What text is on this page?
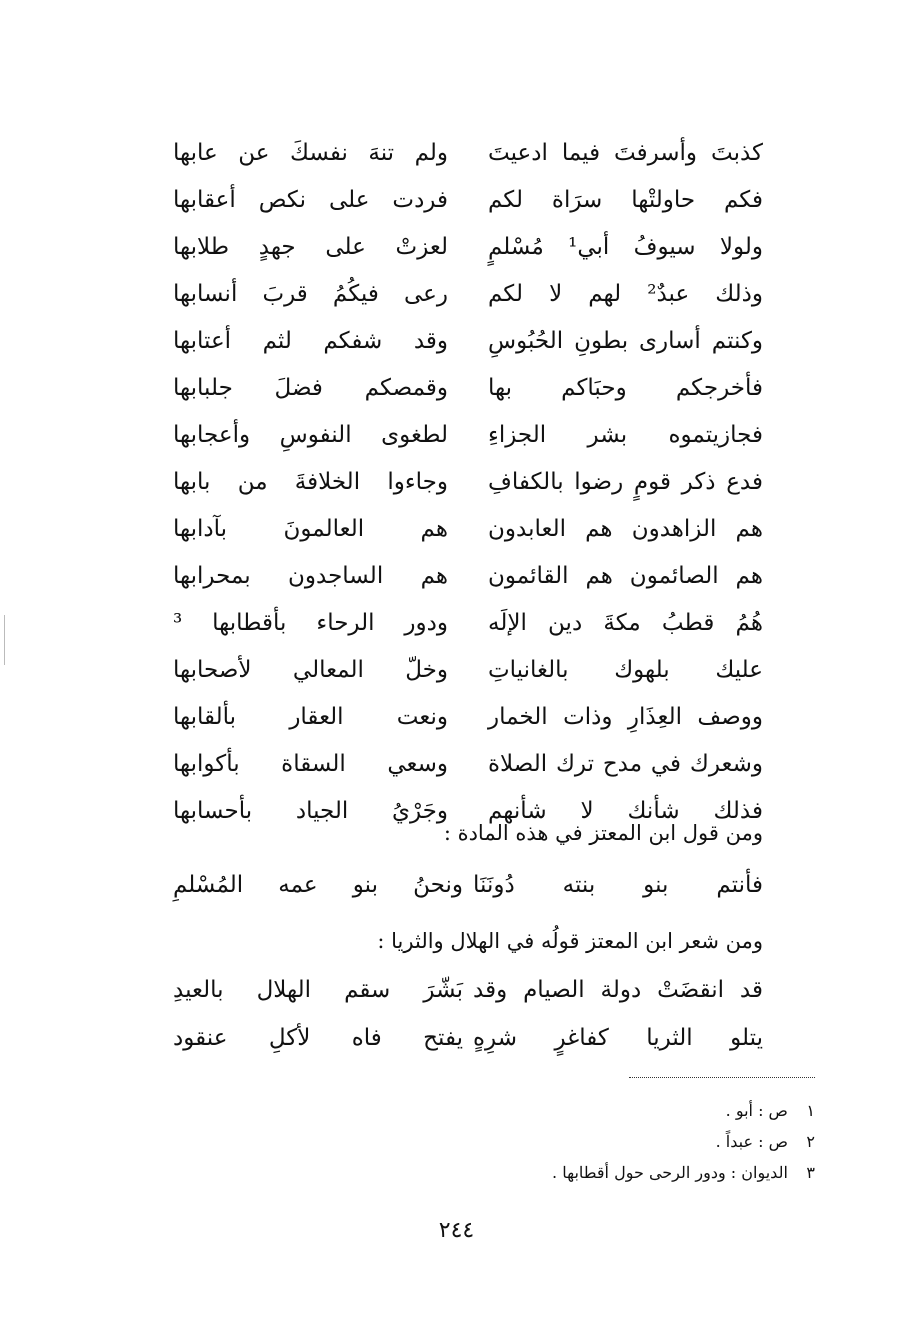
كذبتَ وأسرفتَ فيما ادعيتَ
ولم تنهَ نفسكَ عن عابها
فكم حاولتْها سرَاة لكم
فردت على نكص أعقابها
ولولا سيوفُ أبي¹ مُسْلمٍ
لعزتْ على جهدٍ طلابها
وذلك عبدٌ² لهم لا لكم
رعى فيكُمُ قربَ أنسابها
وكنتم أسارى بطونِ الحُبُوسِ
وقد شفكم لثم أعتابها
فأخرجكم وحبَاكم بها
وقمصكم فضلَ جلبابها
فجازيتموه بشر الجزاءِ
لطغوى النفوسِ وأعجابها
فدع ذكر قومٍ رضوا بالكفافِ
وجاءوا الخلافةَ من بابها
هم الزاهدون هم العابدون
هم العالمونَ بآدابها
هم الصائمون هم القائمون
هم الساجدون بمحرابها
هُمُ قطبُ مكةَ دين الإلَه
ودور الرحاء بأقطابها ³
عليك بلهوك بالغانياتِ
وخلّ المعالي لأصحابها
ووصف العِذَارِ وذات الخمار
ونعت العقار بألقابها
وشعرك في مدح ترك الصلاة
وسعي السقاة بأكوابها
فذلك شأنك لا شأنهم
وجَرْيُ الجياد بأحسابها
ومن قول ابن المعتز في هذه المادة :
فأنتم بنو بنته دُونَنَا
ونحنُ بنو عمه المُسْلمِ
ومن شعر ابن المعتز قولُه في الهلال والثريا :
قد انقضَتْ دولة الصيام وقد
بَشّرَ سقم الهلال بالعيدِ
يتلو الثريا كفاغرٍ شرِهٍ
يفتح فاه لأكلِ عنقود
١ ص : أبو .
٢ ص : عبداً .
٣ الديوان : ودور الرحى حول أقطابها .
٢٤٤
